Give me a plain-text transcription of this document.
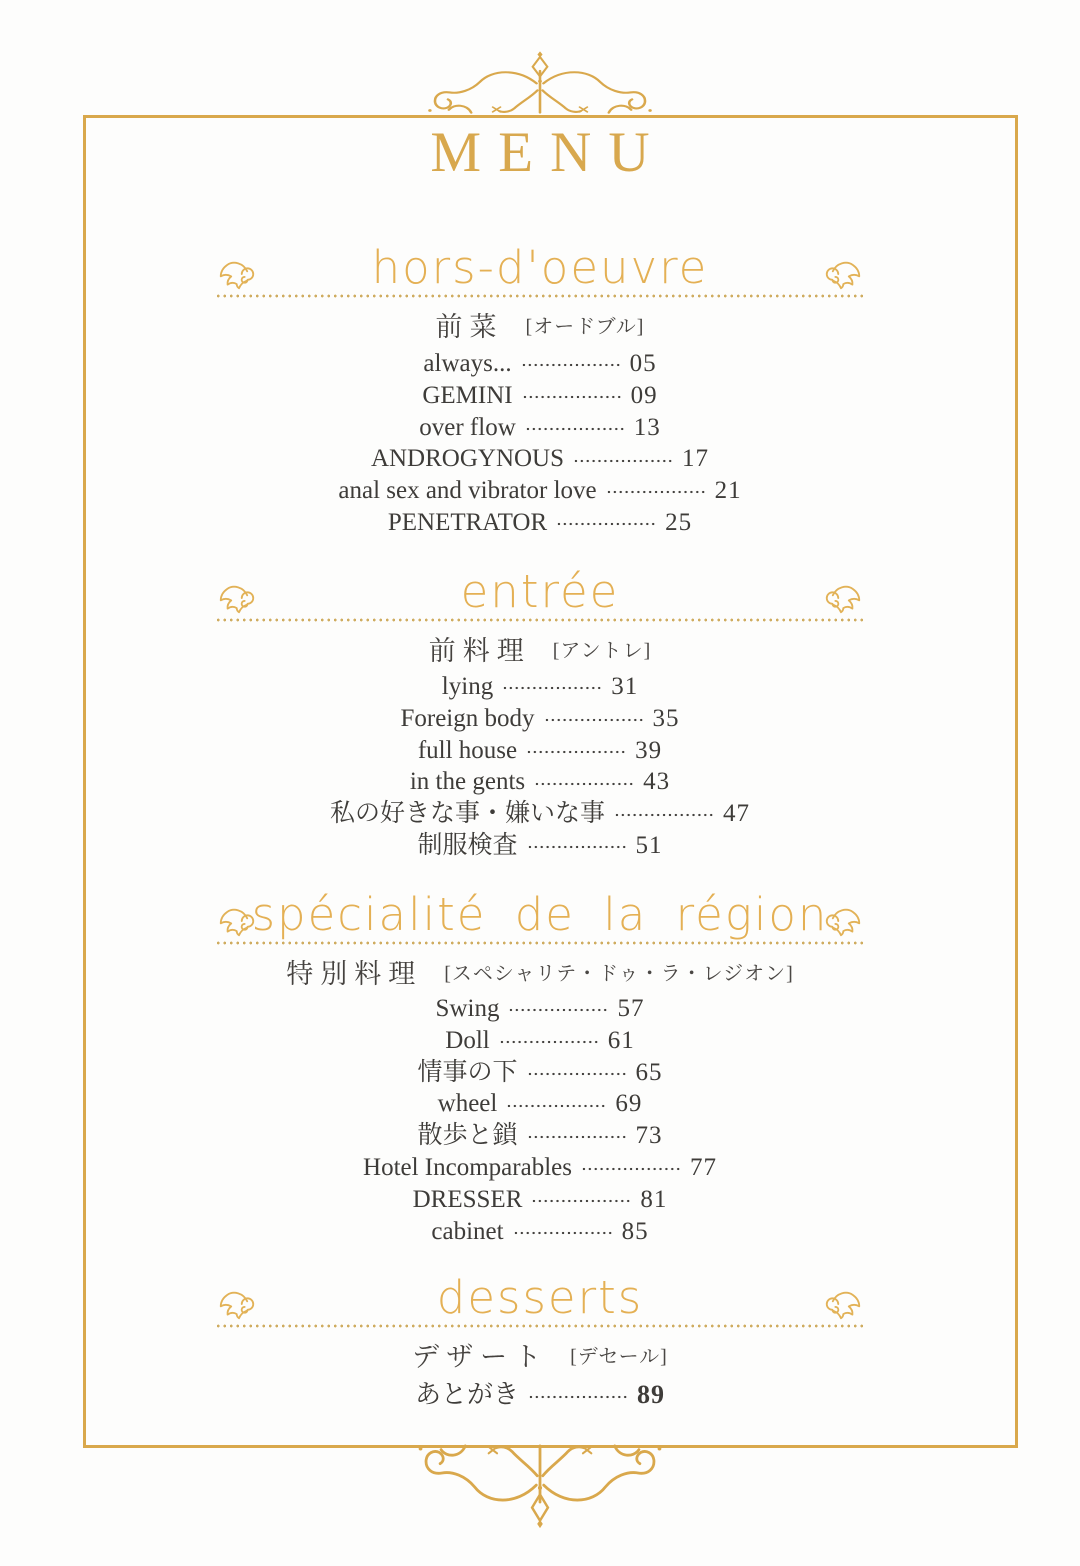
MENU
hors-d'oeuvre
前菜 [オードブル]
always...	05
GEMINI	09
over flow	13
ANDROGYNOUS	17
anal sex and vibrator love	21
PENETRATOR	25
entrée
前料理 [アントレ]
lying	31
Foreign body	35
full house	39
in the gents	43
私の好きな事・嫌いな事	47
制服検査	51
spécialité de la région
特別料理 [スペシャリテ・ドゥ・ラ・レジオン]
Swing	57
Doll	61
情事の下	65
wheel	69
散歩と鎖	73
Hotel Incomparables	77
DRESSER	81
cabinet	85
desserts
デザート [デセール]
あとがき	89
